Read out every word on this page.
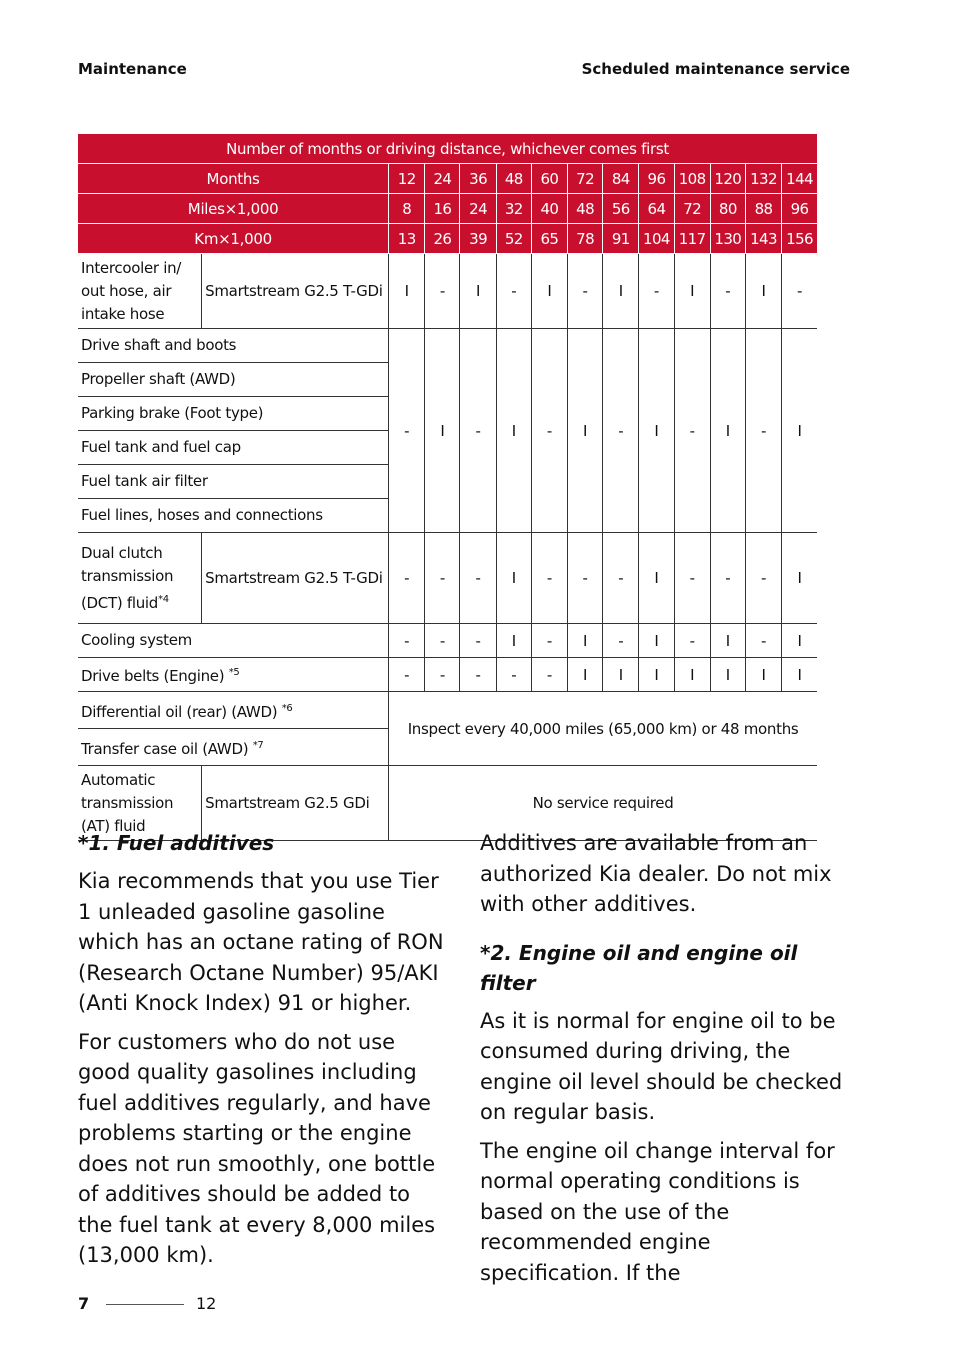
Maintenance	Scheduled maintenance service
Number of months or driving distance, whichever comes first													
Months		12	24	36	48	60	72	84	96	108	120	132	144
Miles×1,000		8	16	24	32	40	48	56	64	72	80	88	96
Km×1,000		13	26	39	52	65	78	91	104	117	130	143	156
Intercooler in/ out hose, air intake hose	Smartstream G2.5 T-GDi	I	-	I	-	I	-	I	-	I	-	I	-
Drive shaft and boots		-	I	-	I	-	I	-	I	-	I	-	I
Propeller shaft (AWD)													
Parking brake (Foot type)													
Fuel tank and fuel cap													
Fuel tank air filter													
Fuel lines, hoses and connections													
Dual clutch transmission (DCT) fluid$^{*4}$	Smartstream G2.5 T-GDi	-	-	-	I	-	-	-	I	-	-	-	I
Cooling system		-	-	-	I	-	I	-	I	-	I	-	I
Drive belts (Engine) $^{*5}$		-	-	-	-	-	I	I	I	I	I	I	I
Differential oil (rear) (AWD) $^{*6}$		Inspect every 40,000 miles (65,000 km) or 48 months											
Transfer case oil (AWD) $^{*7}$
Automatic transmission (AT) fluid	Smartstream G2.5 GDi	No service required											
*1. Fuel additives

Kia recommends that you use Tier 1 unleaded gasoline gasoline which has an octane rating of RON (Research Octane Number) 95/AKI (Anti Knock Index) 91 or higher.

For customers who do not use good quality gasolines including fuel additives regularly, and have problems starting or the engine does not run smoothly, one bottle of additives should be added to the fuel tank at every 8,000 miles (13,000 km).

Additives are available from an authorized Kia dealer. Do not mix with other additives.

*2. Engine oil and engine oil filter

As it is normal for engine oil to be consumed during driving, the engine oil level should be checked on regular basis.

The engine oil change interval for normal operating conditions is based on the use of the recommended engine specification. If the

7	12
